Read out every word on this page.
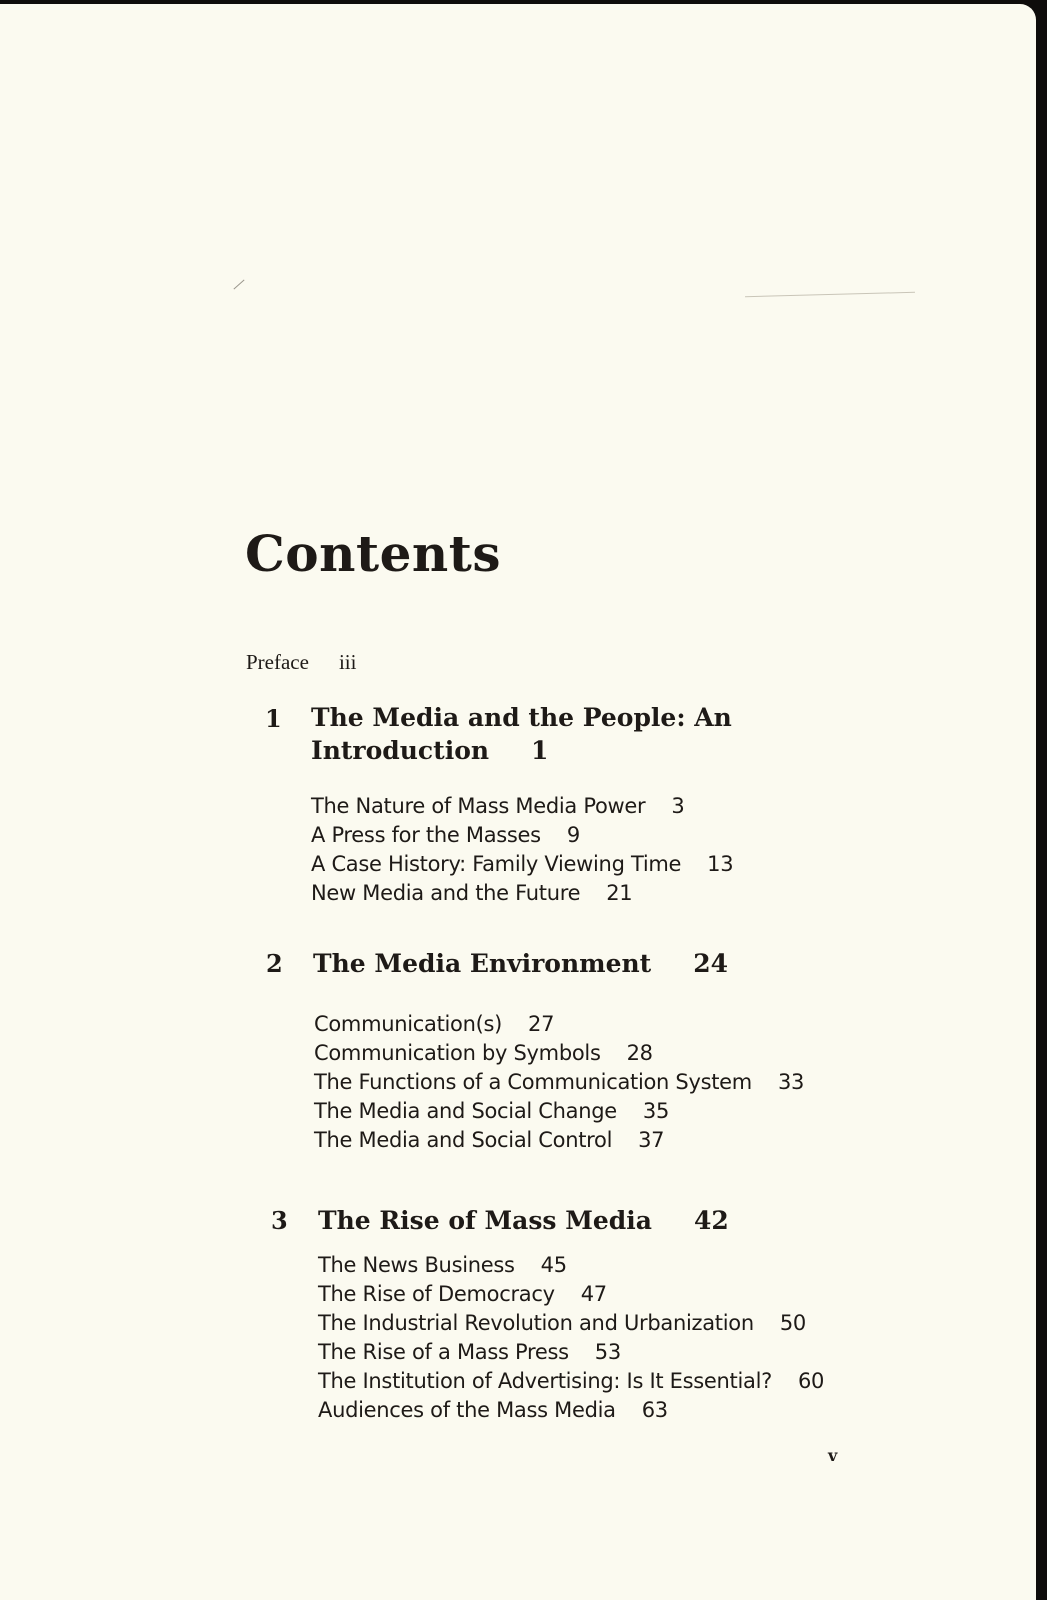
Contents
Preface iii
1 The Media and the People: An
Introduction 1
The Nature of Mass Media Power 3
A Press for the Masses 9
A Case History: Family Viewing Time 13
New Media and the Future 21
2 The Media Environment 24
Communication(s) 27
Communication by Symbols 28
The Functions of a Communication System 33
The Media and Social Change 35
The Media and Social Control 37
3 The Rise of Mass Media 42
The News Business 45
The Rise of Democracy 47
The Industrial Revolution and Urbanization 50
The Rise of a Mass Press 53
The Institution of Advertising: Is It Essential? 60
Audiences of the Mass Media 63
v
